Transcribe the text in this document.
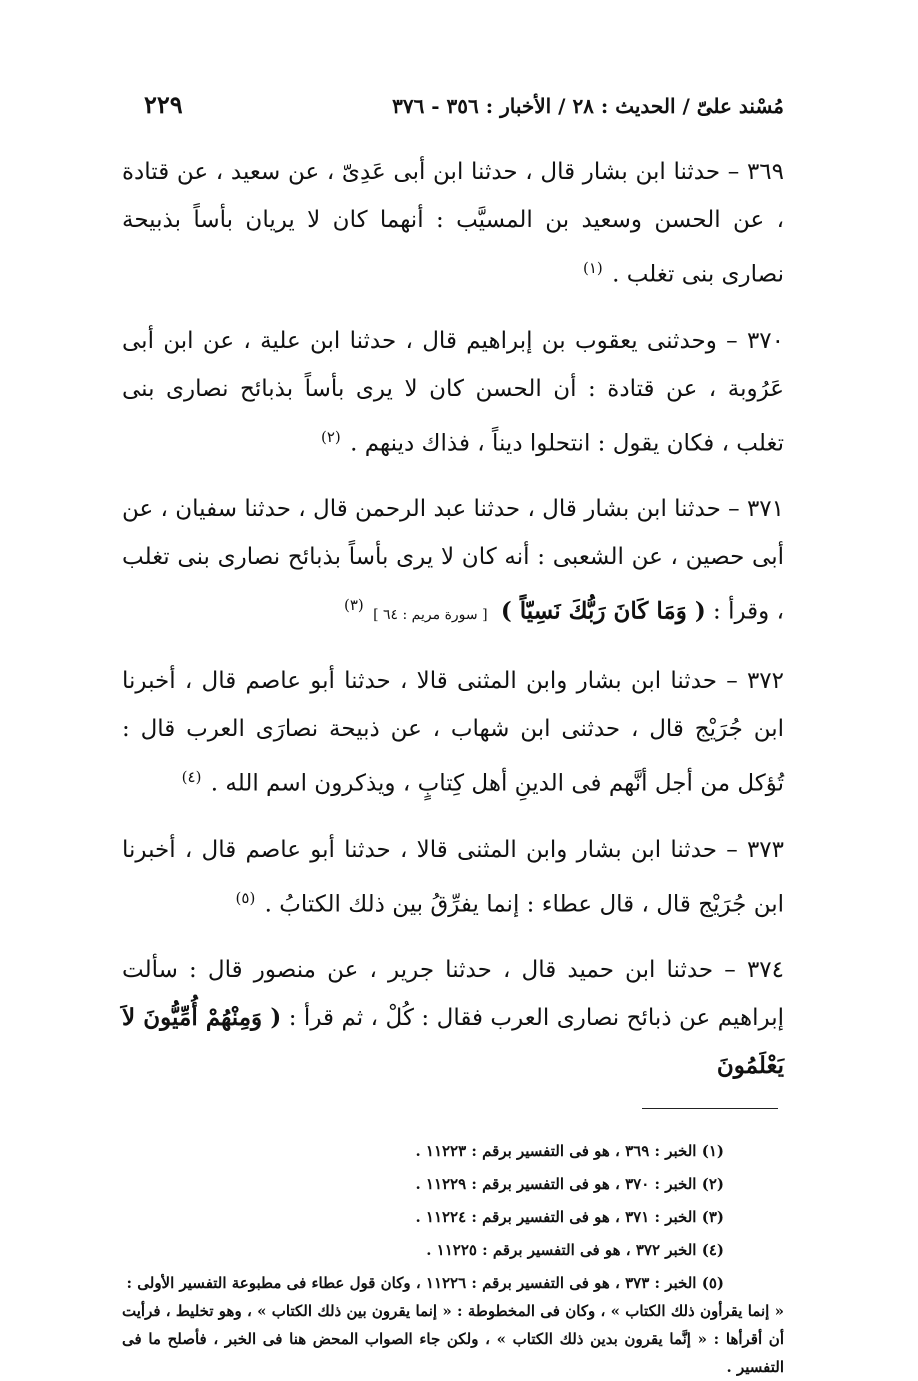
مُسْند علىّ / الحديث : ٢٨ / الأخبار : ٣٥٦ - ٣٧٦
٢٢٩

٣٦٩ – حدثنا ابن بشار قال ، حدثنا ابن أبى عَدِىّ ، عن سعيد ، عن قتادة ، عن الحسن وسعيد بن المسيَّب : أنهما كان لا يريان بأساً بذبيحة نصارى بنى تغلب . $^{(١)}$

٣٧٠ – وحدثنى يعقوب بن إبراهيم قال ، حدثنا ابن علية ، عن ابن أبى عَرُوبة ، عن قتادة : أن الحسن كان لا يرى بأساً بذبائح نصارى بنى تغلب ، فكان يقول : انتحلوا ديناً ، فذاك دينهم . $^{(٢)}$

٣٧١ – حدثنا ابن بشار قال ، حدثنا عبد الرحمن قال ، حدثنا سفيان ، عن أبى حصين ، عن الشعبى : أنه كان لا يرى بأساً بذبائح نصارى بنى تغلب ، وقرأ : ( وَمَا كَانَ رَبُّكَ نَسِيّاً ) [ سورة مريم : ٦٤ ] $^{(٣)}$

٣٧٢ – حدثنا ابن بشار وابن المثنى قالا ، حدثنا أبو عاصم قال ، أخبرنا ابن جُرَيْج قال ، حدثنى ابن شهاب ، عن ذبيحة نصارَى العرب قال : تُؤكل من أجل أنَّهم فى الدينِ أهل كِتابٍ ، ويذكرون اسم الله . $^{(٤)}$

٣٧٣ – حدثنا ابن بشار وابن المثنى قالا ، حدثنا أبو عاصم قال ، أخبرنا ابن جُرَيْج قال ، قال عطاء : إنما يفرِّقُ بين ذلك الكتابُ . $^{(٥)}$

٣٧٤ – حدثنا ابن حميد قال ، حدثنا جرير ، عن منصور قال : سألت إبراهيم عن ذبائح نصارى العرب فقال : كُلْ ، ثم قرأ : ( وَمِنْهُمْ أُمِّيُّونَ لاَ يَعْلَمُونَ

(١) الخبر : ٣٦٩ ، هو فى التفسير برقم : ١١٢٢٣ .
(٢) الخبر : ٣٧٠ ، هو فى التفسير برقم : ١١٢٢٩ .
(٣) الخبر : ٣٧١ ، هو فى التفسير برقم : ١١٢٢٤ .
(٤) الخبر ٣٧٢ ، هو فى التفسير برقم : ١١٢٢٥ .
(٥) الخبر : ٣٧٣ ، هو فى التفسير برقم : ١١٢٢٦ ، وكان قول عطاء فى مطبوعة التفسير الأولى :
« إنما يقرأون ذلك الكتاب » ، وكان فى المخطوطة : « إنما يقرون بين ذلك الكتاب » ، وهو تخليط ، فرأيت أن أقرأها : « إنَّما يقرون بدين ذلك الكتاب » ، ولكن جاء الصواب المحض هنا فى الخبر ، فأصلح ما فى التفسير .
